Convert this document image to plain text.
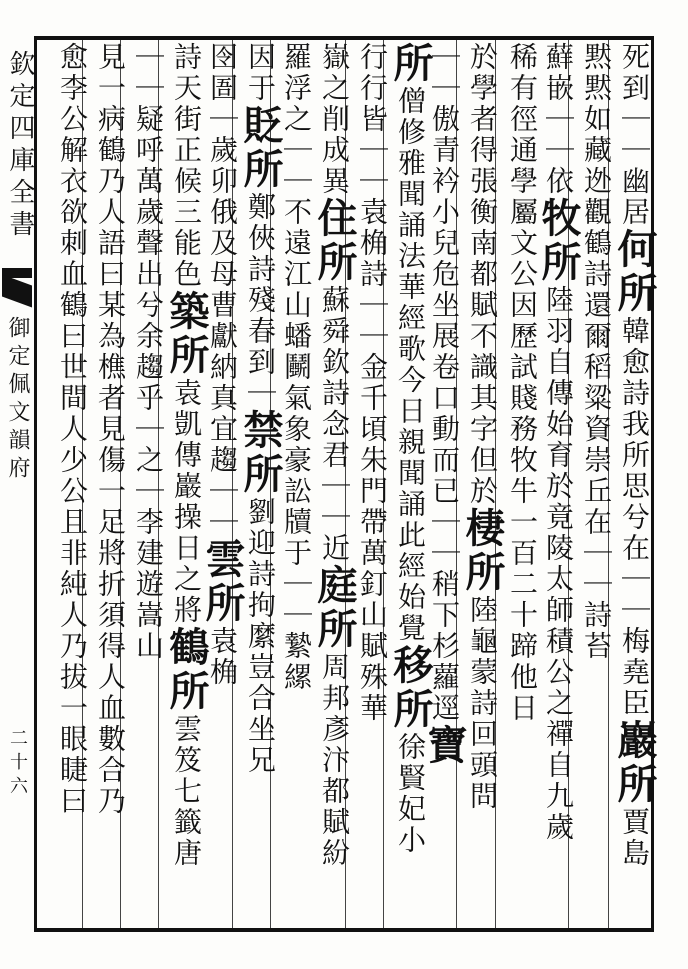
欽定四庫全書
御定佩文韻府
二十六
死到｜｜幽居何所韓愈詩我所思兮在｜｜梅堯臣巖所賈島
黙黙如藏迯觀鶴詩還爾稻粱資崇丘在｜｜詩苔
蘚嵌｜｜依牧所陸羽自傳始育於竟陵太師積公之禪自九歲
稀有徑通學屬文公因歷試賤務牧牛一百二十蹄他日
於學者得張衡南都賦不識其字但於棲所陸龜蒙詩回頭問
｜｜傲青衿小兒危坐展卷口動而已｜｜稍下杉蘿逕寶
所僧修雅聞誦法華經歌今日親聞誦此經始覺移所徐賢妃小
行行皆｜｜袁桷詩｜｜金千頃朱門帶萬釘山賦殊華
嶽之削成異住所蘇舜欽詩念君｜｜近庭所周邦彥汴都賦紛
羅浮之｜｜不遠江山蟠鬭氣象豪訟牘于｜｜縶縲
因于貶所鄭俠詩殘春到｜禁所劉迎詩拘縻豈合坐兄
囹圄｜歲卯俄及母曹獻納真宜趨｜｜雲所袁桷
詩天街正候三能色築所袁凱傳巖操日之將鶴所雲笈七籤唐
｜｜疑呼萬歲聲出兮余趨乎｜之｜李建遊嵩山
見一病鶴乃人語曰某為樵者見傷一足將折須得人血數合乃
愈李公解衣欲刺血鶴曰世間人少公且非純人乃拔一眼睫曰
